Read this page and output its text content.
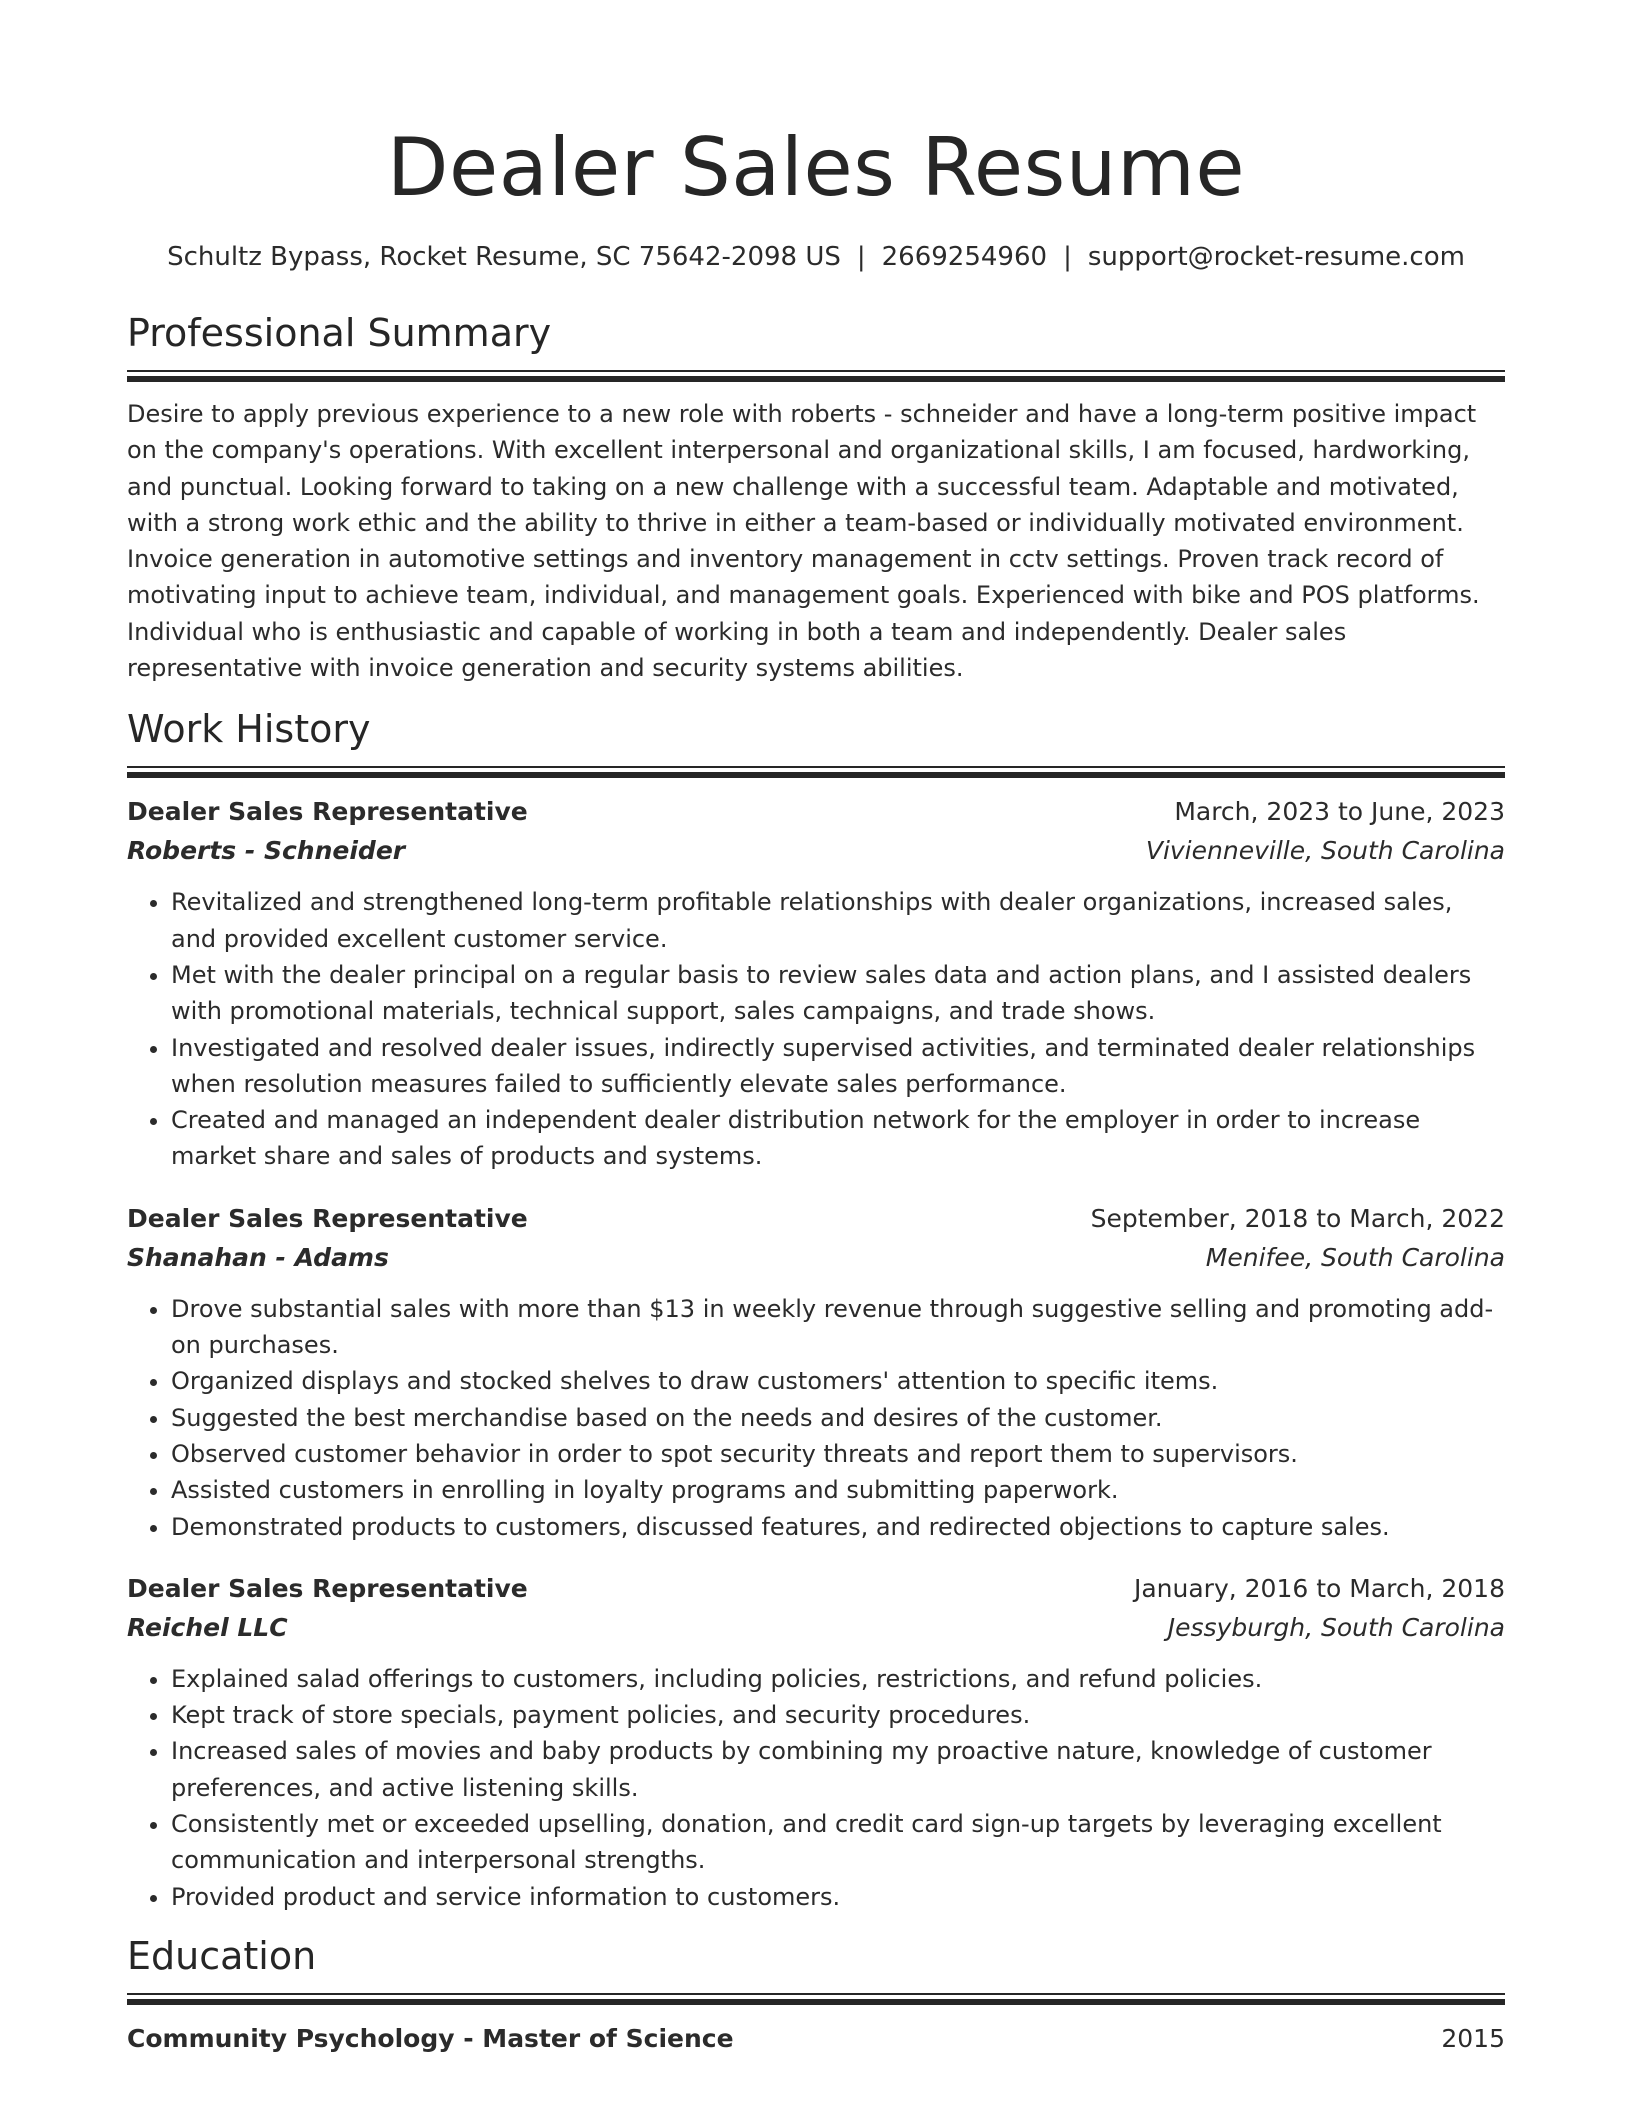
Dealer Sales Resume
Schultz Bypass, Rocket Resume, SC 75642-2098 US | 2669254960 | support@rocket-resume.com
Professional Summary

Desire to apply previous experience to a new role with roberts - schneider and have a long-term positive impact on the company's operations. With excellent interpersonal and organizational skills, I am focused, hardworking, and punctual. Looking forward to taking on a new challenge with a successful team. Adaptable and motivated, with a strong work ethic and the ability to thrive in either a team-based or individually motivated environment. Invoice generation in automotive settings and inventory management in cctv settings. Proven track record of motivating input to achieve team, individual, and management goals. Experienced with bike and POS platforms. Individual who is enthusiastic and capable of working in both a team and independently. Dealer sales representative with invoice generation and security systems abilities.

Work History
Dealer Sales Representative	March, 2023 to June, 2023
Roberts - Schneider	Vivienneville, South Carolina
• Revitalized and strengthened long-term profitable relationships with dealer organizations, increased sales, and provided excellent customer service.
• Met with the dealer principal on a regular basis to review sales data and action plans, and I assisted dealers with promotional materials, technical support, sales campaigns, and trade shows.
• Investigated and resolved dealer issues, indirectly supervised activities, and terminated dealer relationships when resolution measures failed to sufficiently elevate sales performance.
• Created and managed an independent dealer distribution network for the employer in order to increase market share and sales of products and systems.
Dealer Sales Representative	September, 2018 to March, 2022
Shanahan - Adams	Menifee, South Carolina
• Drove substantial sales with more than $13 in weekly revenue through suggestive selling and promoting add-on purchases.
• Organized displays and stocked shelves to draw customers' attention to specific items.
• Suggested the best merchandise based on the needs and desires of the customer.
• Observed customer behavior in order to spot security threats and report them to supervisors.
• Assisted customers in enrolling in loyalty programs and submitting paperwork.
• Demonstrated products to customers, discussed features, and redirected objections to capture sales.
Dealer Sales Representative	January, 2016 to March, 2018
Reichel LLC	Jessyburgh, South Carolina
• Explained salad offerings to customers, including policies, restrictions, and refund policies.
• Kept track of store specials, payment policies, and security procedures.
• Increased sales of movies and baby products by combining my proactive nature, knowledge of customer preferences, and active listening skills.
• Consistently met or exceeded upselling, donation, and credit card sign-up targets by leveraging excellent communication and interpersonal strengths.
• Provided product and service information to customers.
Education
Community Psychology - Master of Science	2015
